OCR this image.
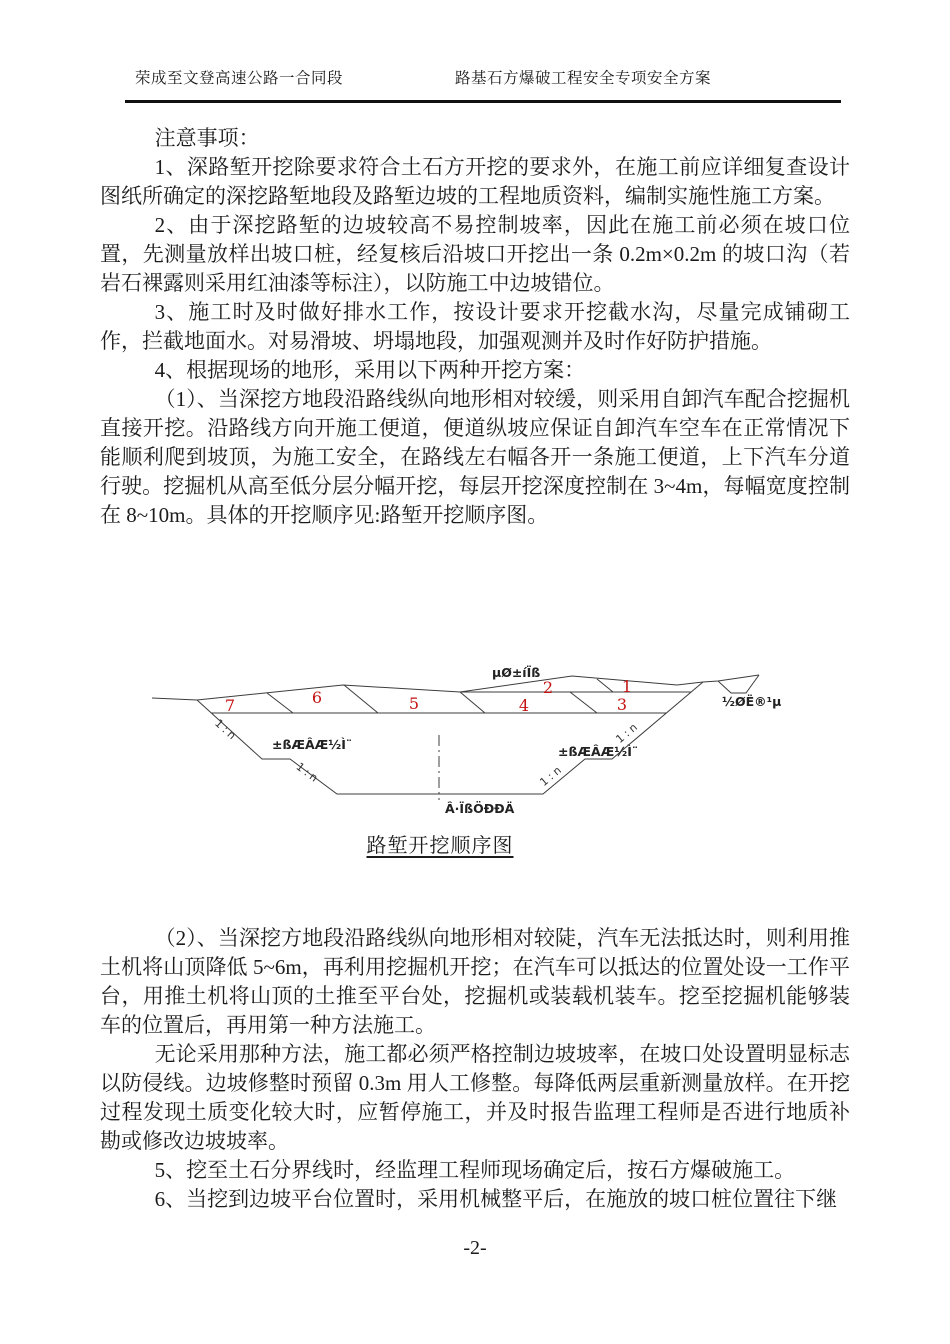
荣成至文登高速公路一合同段	路基石方爆破工程安全专项安全方案

注意事项：

1、深路堑开挖除要求符合土石方开挖的要求外，在施工前应详细复查设计图纸所确定的深挖路堑地段及路堑边坡的工程地质资料，编制实施性施工方案。

2、由于深挖路堑的边坡较高不易控制坡率，因此在施工前必须在坡口位置，先测量放样出坡口桩，经复核后沿坡口开挖出一条 0.2m×0.2m 的坡口沟（若岩石裸露则采用红油漆等标注），以防施工中边坡错位。

3、施工时及时做好排水工作，按设计要求开挖截水沟，尽量完成铺砌工作，拦截地面水。对易滑坡、坍塌地段，加强观测并及时作好防护措施。

4、根据现场的地形，采用以下两种开挖方案：

（1）、当深挖方地段沿路线纵向地形相对较缓，则采用自卸汽车配合挖掘机直接开挖。沿路线方向开施工便道，便道纵坡应保证自卸汽车空车在正常情况下能顺利爬到坡顶，为施工安全，在路线左右幅各开一条施工便道，上下汽车分道行驶。挖掘机从高至低分层分幅开挖，每层开挖深度控制在 3~4m，每幅宽度控制在 8~10m。具体的开挖顺序见:路堑开挖顺序图。

1
2
3
4
5
6
7
µØ±íÏß
½ØË®¹µ
±ßÆÂÆ½Ì¨	±ßÆÂÆ½Ì¨
Â·ÏßÖÐÐÄ
1:n
1:n	1:n
1:n
路堑开挖顺序图

（2）、当深挖方地段沿路线纵向地形相对较陡，汽车无法抵达时，则利用推土机将山顶降低 5~6m，再利用挖掘机开挖；在汽车可以抵达的位置处设一工作平台，用推土机将山顶的土推至平台处，挖掘机或装载机装车。挖至挖掘机能够装车的位置后，再用第一种方法施工。

无论采用那种方法，施工都必须严格控制边坡坡率，在坡口处设置明显标志以防侵线。边坡修整时预留 0.3m 用人工修整。每降低两层重新测量放样。在开挖过程发现土质变化较大时，应暂停施工，并及时报告监理工程师是否进行地质补勘或修改边坡坡率。

5、挖至土石分界线时，经监理工程师现场确定后，按石方爆破施工。

6、当挖到边坡平台位置时，采用机械整平后，在施放的坡口桩位置往下继

-2-
